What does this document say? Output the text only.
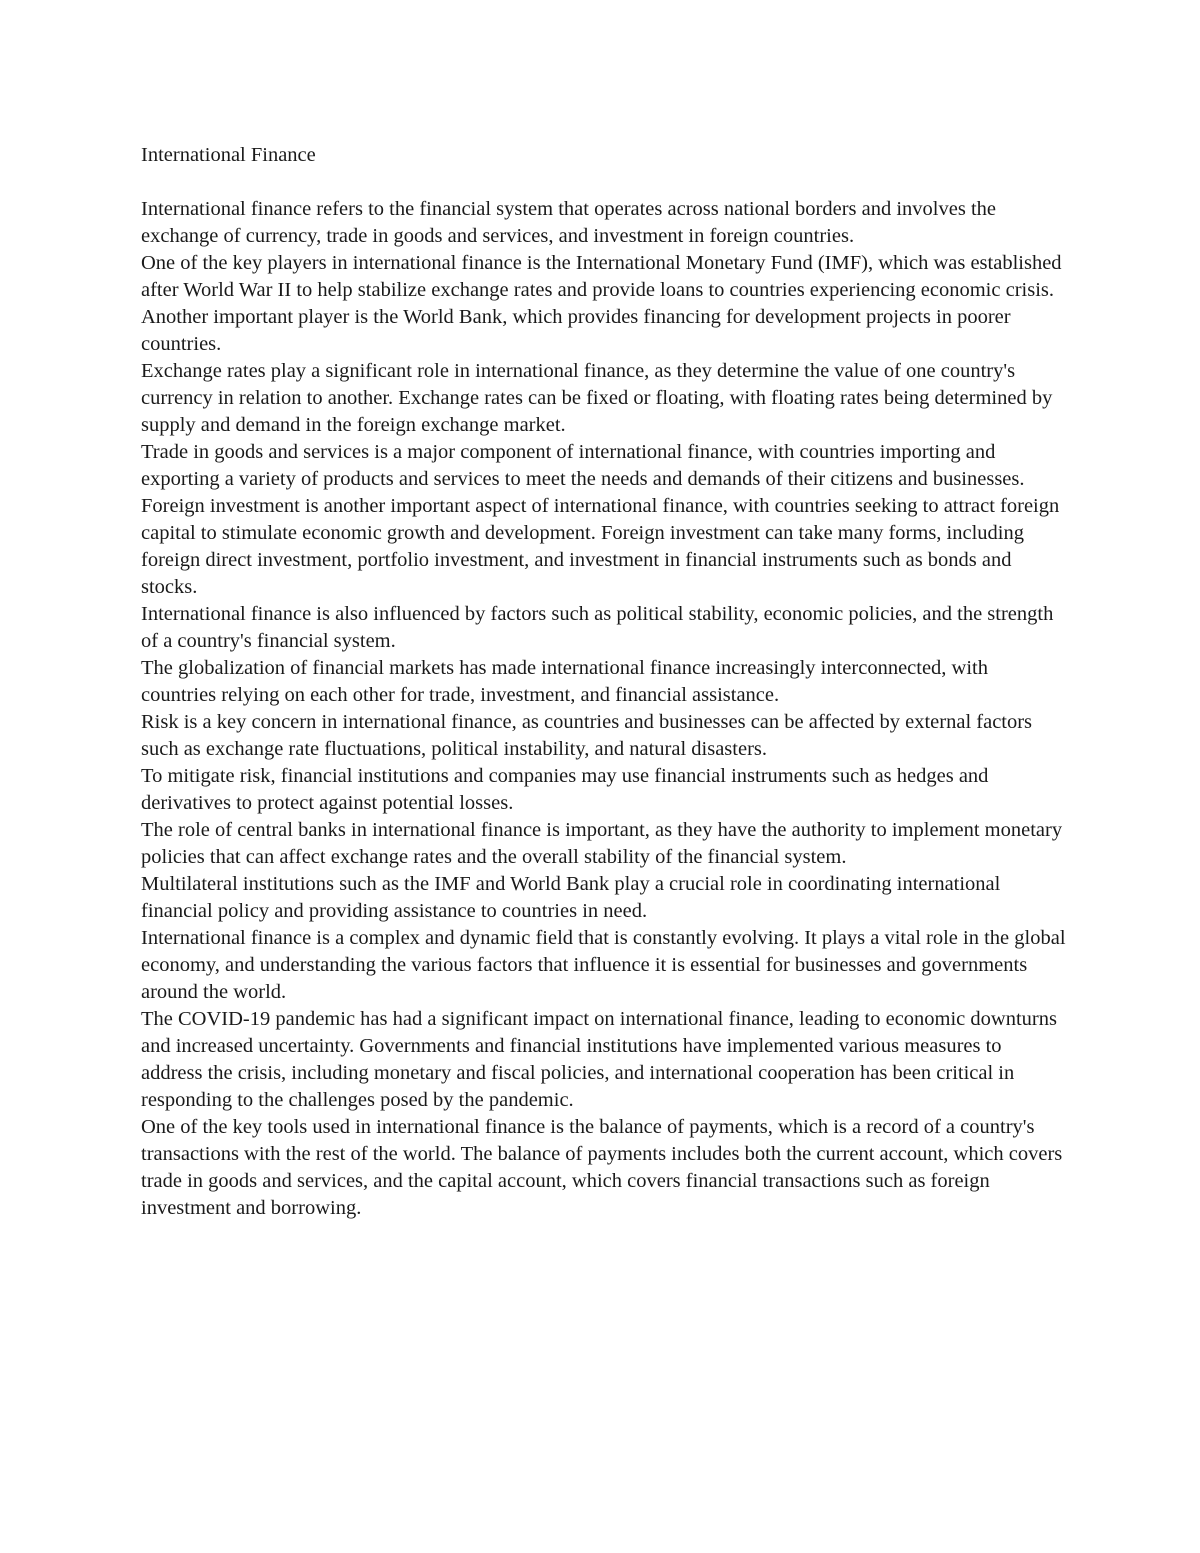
International Finance

International finance refers to the financial system that operates across national borders and involves the exchange of currency, trade in goods and services, and investment in foreign countries.

One of the key players in international finance is the International Monetary Fund (IMF), which was established after World War II to help stabilize exchange rates and provide loans to countries experiencing economic crisis.

Another important player is the World Bank, which provides financing for development projects in poorer countries.

Exchange rates play a significant role in international finance, as they determine the value of one country's currency in relation to another. Exchange rates can be fixed or floating, with floating rates being determined by supply and demand in the foreign exchange market.

Trade in goods and services is a major component of international finance, with countries importing and exporting a variety of products and services to meet the needs and demands of their citizens and businesses.

Foreign investment is another important aspect of international finance, with countries seeking to attract foreign capital to stimulate economic growth and development. Foreign investment can take many forms, including foreign direct investment, portfolio investment, and investment in financial instruments such as bonds and stocks.

International finance is also influenced by factors such as political stability, economic policies, and the strength of a country's financial system.

The globalization of financial markets has made international finance increasingly interconnected, with countries relying on each other for trade, investment, and financial assistance.

Risk is a key concern in international finance, as countries and businesses can be affected by external factors such as exchange rate fluctuations, political instability, and natural disasters.

To mitigate risk, financial institutions and companies may use financial instruments such as hedges and derivatives to protect against potential losses.

The role of central banks in international finance is important, as they have the authority to implement monetary policies that can affect exchange rates and the overall stability of the financial system.

Multilateral institutions such as the IMF and World Bank play a crucial role in coordinating international financial policy and providing assistance to countries in need.

International finance is a complex and dynamic field that is constantly evolving. It plays a vital role in the global economy, and understanding the various factors that influence it is essential for businesses and governments around the world.

The COVID-19 pandemic has had a significant impact on international finance, leading to economic downturns and increased uncertainty. Governments and financial institutions have implemented various measures to address the crisis, including monetary and fiscal policies, and international cooperation has been critical in responding to the challenges posed by the pandemic.

One of the key tools used in international finance is the balance of payments, which is a record of a country's transactions with the rest of the world. The balance of payments includes both the current account, which covers trade in goods and services, and the capital account, which covers financial transactions such as foreign investment and borrowing.
